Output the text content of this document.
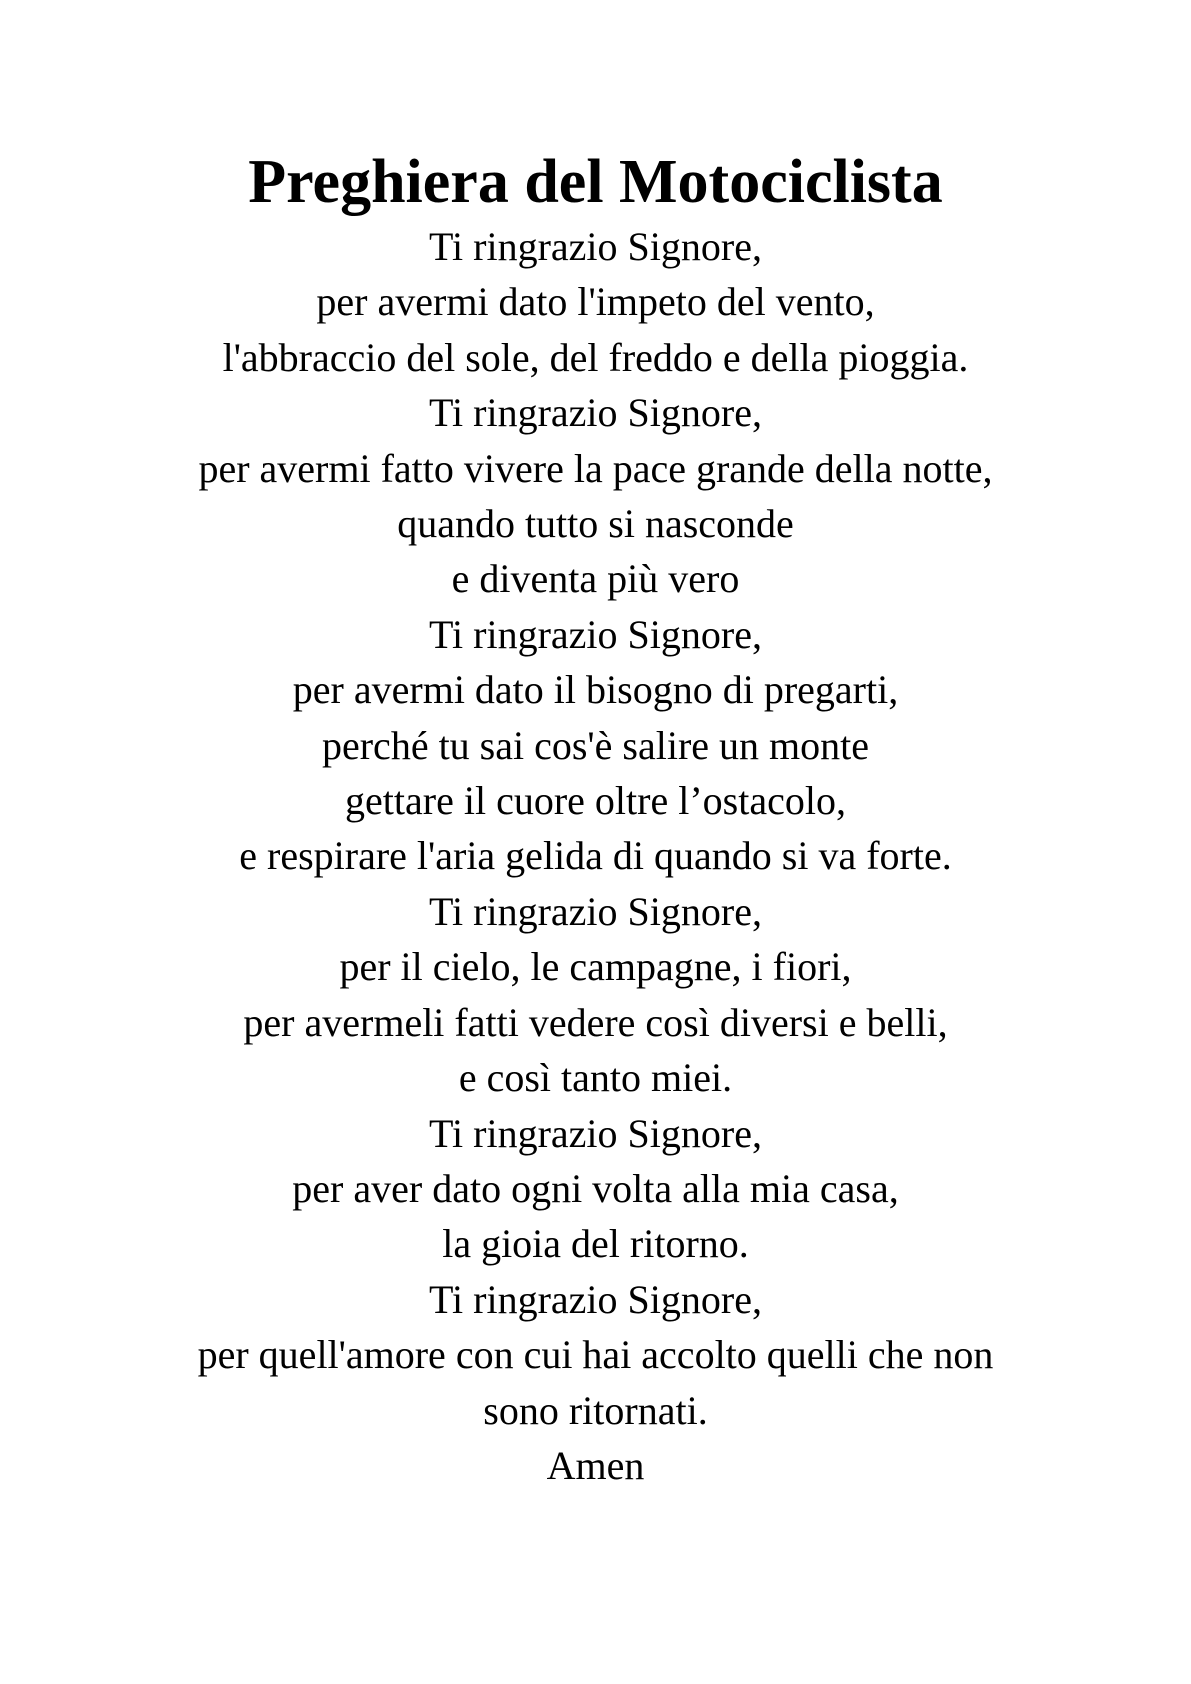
Preghiera del Motociclista
Ti ringrazio Signore,
per avermi dato l'impeto del vento,
l'abbraccio del sole, del freddo e della pioggia.
Ti ringrazio Signore,
per avermi fatto vivere la pace grande della notte,
quando tutto si nasconde
e diventa più vero
Ti ringrazio Signore,
per avermi dato il bisogno di pregarti,
perché tu sai cos'è salire un monte
gettare il cuore oltre l’ostacolo,
e respirare l'aria gelida di quando si va forte.
Ti ringrazio Signore,
per il cielo, le campagne, i fiori,
per avermeli fatti vedere così diversi e belli,
e così tanto miei.
Ti ringrazio Signore,
per aver dato ogni volta alla mia casa,
la gioia del ritorno.
Ti ringrazio Signore,
per quell'amore con cui hai accolto quelli che non
sono ritornati.
Amen
